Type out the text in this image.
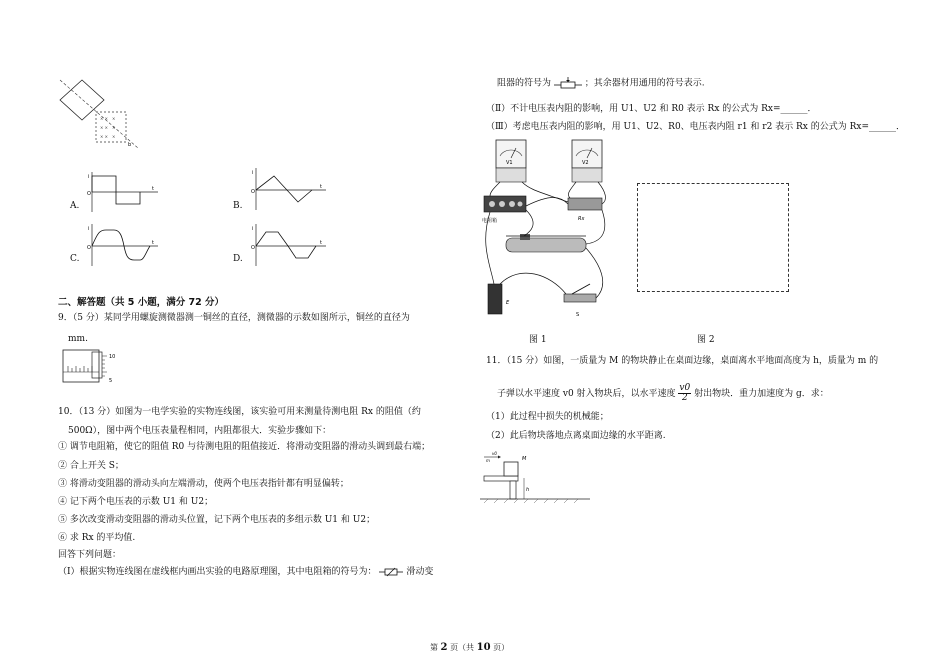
× × ×
× × ×
× × ×
b
A.
i
t
O
B.
i
t
O
C.
i
t
O
D.
i
t
O
二、解答题（共 5 小题，满分 72 分）
9．（5 分）某同学用螺旋测微器测一铜丝的直径，测微器的示数如图所示，铜丝的直径为
mm.
10
5
10．（13 分）如图为一电学实验的实物连线图，该实验可用来测量待测电阻 Rx 的阻值（约
500Ω），图中两个电压表量程相同，内阻都很大．实验步骤如下：
① 调节电阻箱，使它的阻值 R0 与待测电阻的阻值接近．将滑动变阻器的滑动头调到最右端；
② 合上开关 S；
③ 将滑动变阻器的滑动头向左端滑动，使两个电压表指针都有明显偏转；
④ 记下两个电压表的示数 U1 和 U2；
⑤ 多次改变滑动变阻器的滑动头位置，记下两个电压表的多组示数 U1 和 U2；
⑥ 求 Rx 的平均值.
回答下列问题：
（Ⅰ）根据实物连线图在虚线框内画出实验的电路原理图，其中电阻箱的符号为：	滑动变
阻器的符号为	；其余器材用通用的符号表示.
（Ⅱ）不计电压表内阻的影响，用 U1、U2 和 R0 表示 Rx 的公式为 Rx=______．
（Ⅲ）考虑电压表内阻的影响，用 U1、U2、R0、电压表内阻 r1 和 r2 表示 Rx 的公式为 Rx=______．
V1	V2
电阻箱	Rx
E
S
图 1	图 2
11．（15 分）如图，一质量为 M 的物块静止在桌面边缘，桌面离水平地面高度为 h，质量为 m 的
子弹以水平速度 v0 射入物块后，以水平速度 $\frac{v0}{2}$ 射出物块．重力加速度为 g．求：
（1）此过程中损失的机械能；
（2）此后物块落地点离桌面边缘的水平距离.
M
m
v0
h
第 2 页（共 10 页）
